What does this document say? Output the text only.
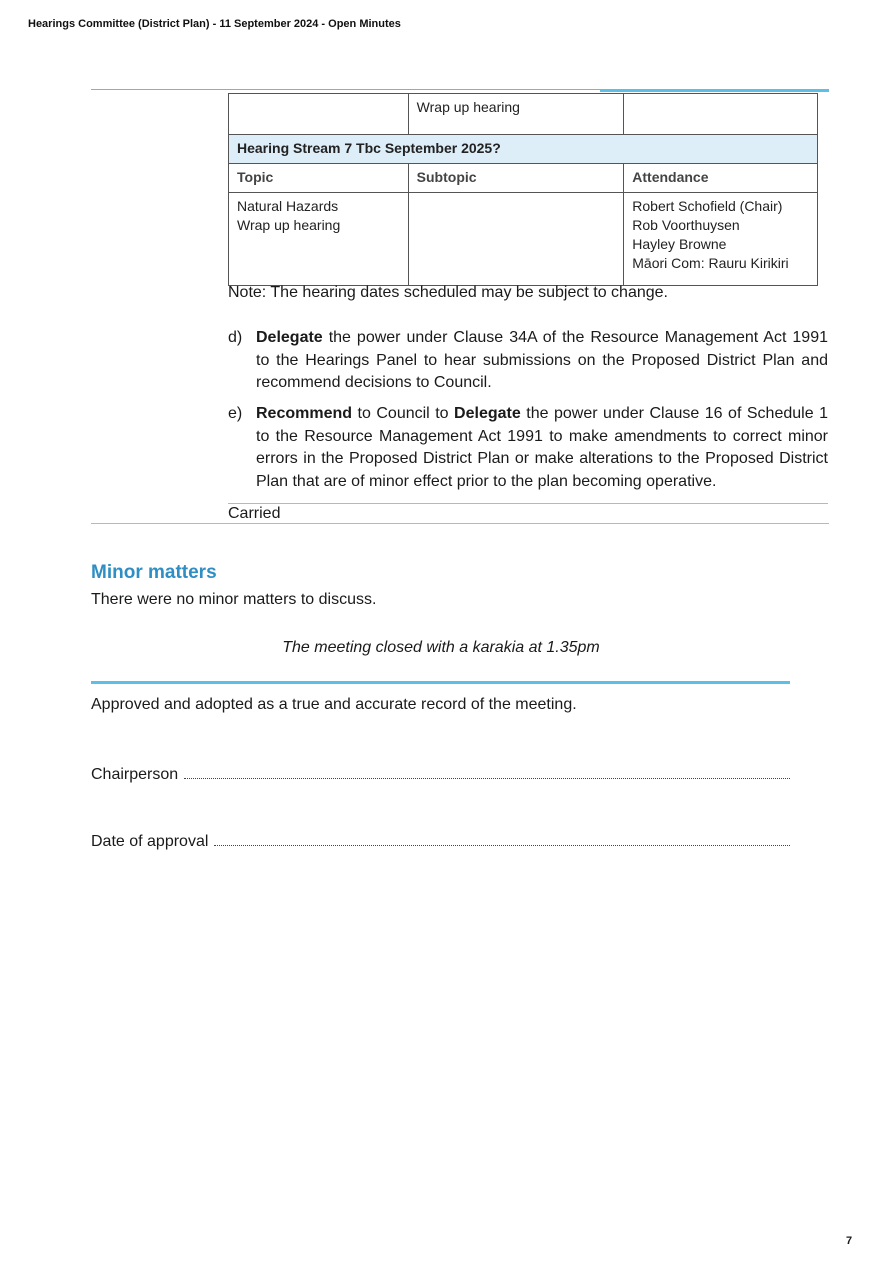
Hearings Committee (District Plan) - 11 September 2024 - Open Minutes
	Wrap up hearing	
Hearing Stream 7 Tbc September 2025?		
Topic	Subtopic	Attendance

Natural Hazards
Wrap up hearing		Robert Schofield (Chair)
Rob Voorthuysen
Hayley Browne
Māori Com: Rauru Kirikiri
Note: The hearing dates scheduled may be subject to change.
d) Delegate the power under Clause 34A of the Resource Management Act 1991 to the Hearings Panel to hear submissions on the Proposed District Plan and recommend decisions to Council.
e) Recommend to Council to Delegate the power under Clause 16 of Schedule 1 to the Resource Management Act 1991 to make amendments to correct minor errors in the Proposed District Plan or make alterations to the Proposed District Plan that are of minor effect prior to the plan becoming operative.
Carried
Minor matters
There were no minor matters to discuss.
The meeting closed with a karakia at 1.35pm
Approved and adopted as a true and accurate record of the meeting.
Chairperson
Date of approval
7
